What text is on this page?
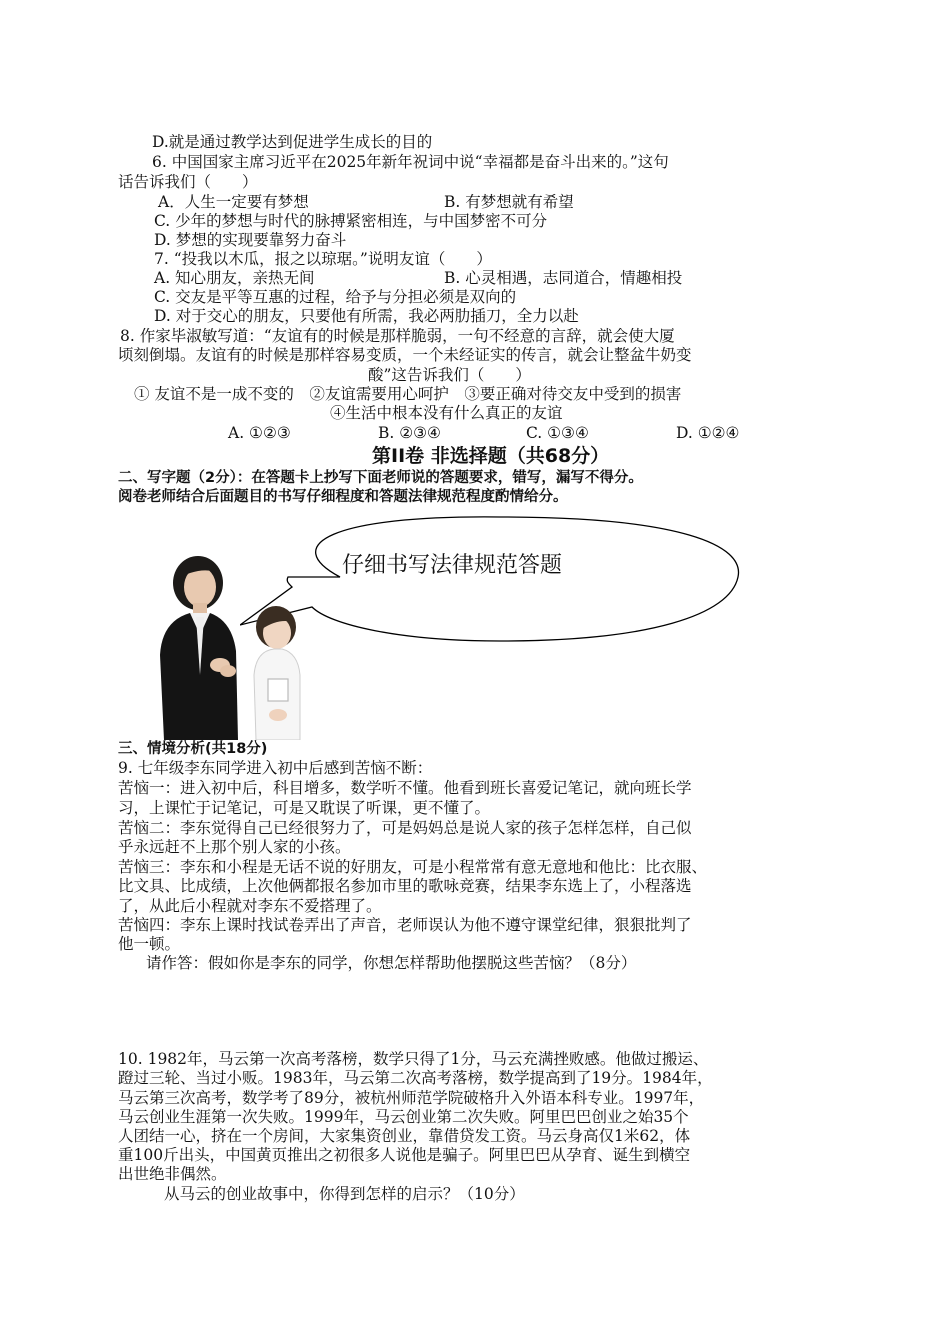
D.就是通过教学达到促进学生成长的目的
6. 中国国家主席习近平在2025年新年祝词中说“幸福都是奋斗出来的。”这句
话告诉我们（　　）
A．人生一定要有梦想	B. 有梦想就有希望
C. 少年的梦想与时代的脉搏紧密相连，与中国梦密不可分
D. 梦想的实现要靠努力奋斗
7. “投我以木瓜，报之以琼琚。”说明友谊（　　）
A. 知心朋友，亲热无间	B. 心灵相遇，志同道合，情趣相投
C. 交友是平等互惠的过程，给予与分担必须是双向的
D. 对于交心的朋友，只要他有所需，我必两肋插刀，全力以赴
8. 作家毕淑敏写道：“友谊有的时候是那样脆弱，一句不经意的言辞，就会使大厦
顷刻倒塌。友谊有的时候是那样容易变质，一个未经证实的传言，就会让整盆牛奶变
酸”这告诉我们（　　）
① 友谊不是一成不变的　②友谊需要用心呵护　③要正确对待交友中受到的损害
④生活中根本没有什么真正的友谊
A. ①②③	B. ②③④	C. ①③④	D. ①②④
第II卷 非选择题（共68分）
二、写字题（2分）：在答题卡上抄写下面老师说的答题要求，错写，漏写不得分。
阅卷老师结合后面题目的书写仔细程度和答题法律规范程度酌情给分。
仔细书写法律规范答题
三、情境分析(共18分)
9. 七年级李东同学进入初中后感到苦恼不断：
苦恼一：进入初中后，科目增多，数学听不懂。他看到班长喜爱记笔记，就向班长学
习，上课忙于记笔记，可是又耽误了听课，更不懂了。
苦恼二：李东觉得自己已经很努力了，可是妈妈总是说人家的孩子怎样怎样，自己似
乎永远赶不上那个别人家的小孩。
苦恼三：李东和小程是无话不说的好朋友，可是小程常常有意无意地和他比：比衣服、
比文具、比成绩，上次他俩都报名参加市里的歌咏竞赛，结果李东选上了，小程落选
了，从此后小程就对李东不爱搭理了。
苦恼四：李东上课时找试卷弄出了声音，老师误认为他不遵守课堂纪律，狠狠批判了
他一顿。
请作答：假如你是李东的同学，你想怎样帮助他摆脱这些苦恼？（8分）
10. 1982年，马云第一次高考落榜，数学只得了1分，马云充满挫败感。他做过搬运、
蹬过三轮、当过小贩。1983年，马云第二次高考落榜，数学提高到了19分。1984年，
马云第三次高考，数学考了89分，被杭州师范学院破格升入外语本科专业。1997年，
马云创业生涯第一次失败。1999年，马云创业第二次失败。阿里巴巴创业之始35个
人团结一心，挤在一个房间，大家集资创业，靠借贷发工资。马云身高仅1米62，体
重100斤出头，中国黄页推出之初很多人说他是骗子。阿里巴巴从孕育、诞生到横空
出世绝非偶然。
从马云的创业故事中，你得到怎样的启示？（10分）
